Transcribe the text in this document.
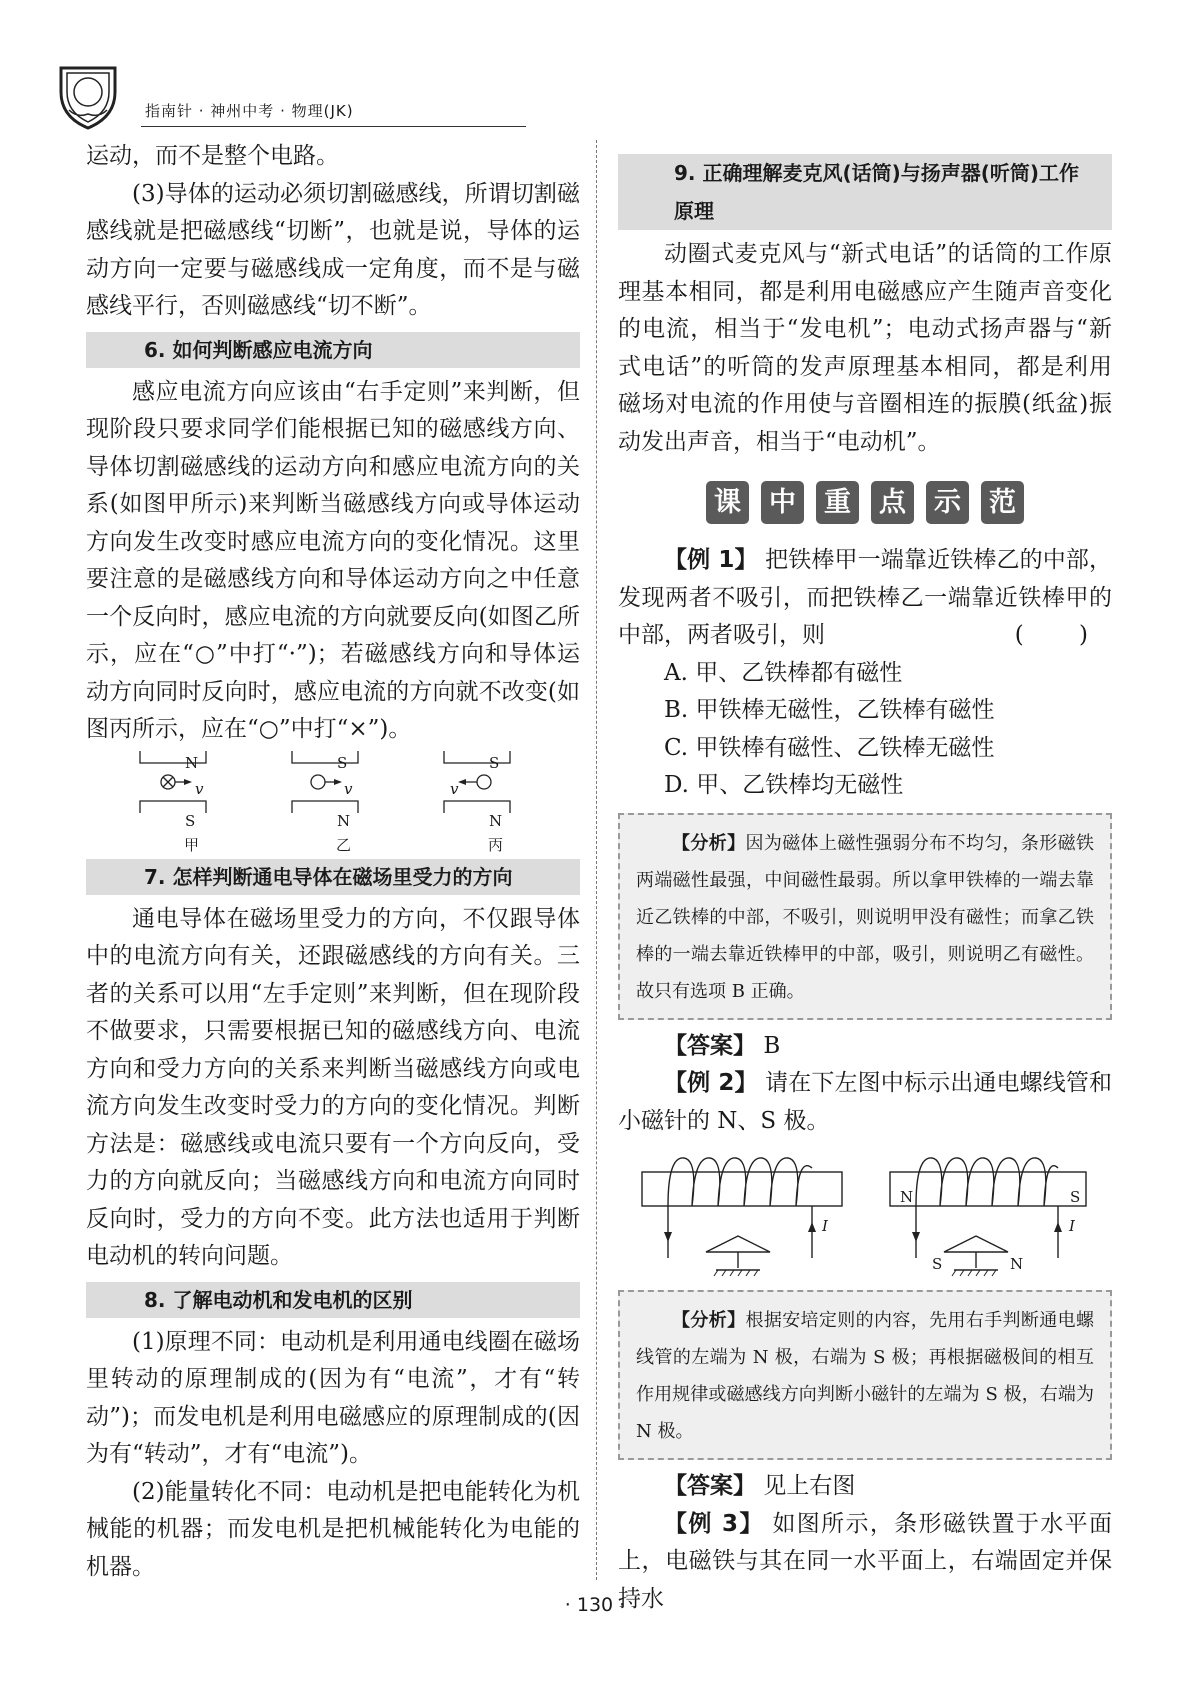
指南针 · 神州中考 · 物理(JK)

运动，而不是整个电路。

(3)导体的运动必须切割磁感线，所谓切割磁感线就是把磁感线“切断”，也就是说，导体的运动方向一定要与磁感线成一定角度，而不是与磁感线平行，否则磁感线“切不断”。

6. 如何判断感应电流方向

感应电流方向应该由“右手定则”来判断，但现阶段只要求同学们能根据已知的磁感线方向、导体切割磁感线的运动方向和感应电流方向的关系(如图甲所示)来判断当磁感线方向或导体运动方向发生改变时感应电流方向的变化情况。这里要注意的是磁感线方向和导体运动方向之中任意一个反向时，感应电流的方向就要反向(如图乙所示，应在“○”中打“·”)；若磁感线方向和导体运动方向同时反向时，感应电流的方向就不改变(如图丙所示，应在“○”中打“×”)。

N
S
v
甲
S
N
v
乙
S
N
v
丙
7. 怎样判断通电导体在磁场里受力的方向

通电导体在磁场里受力的方向，不仅跟导体中的电流方向有关，还跟磁感线的方向有关。三者的关系可以用“左手定则”来判断，但在现阶段不做要求，只需要根据已知的磁感线方向、电流方向和受力方向的关系来判断当磁感线方向或电流方向发生改变时受力的方向的变化情况。判断方法是：磁感线或电流只要有一个方向反向，受力的方向就反向；当磁感线方向和电流方向同时反向时，受力的方向不变。此方法也适用于判断电动机的转向问题。

8. 了解电动机和发电机的区别

(1)原理不同：电动机是利用通电线圈在磁场里转动的原理制成的(因为有“电流”，才有“转动”)；而发电机是利用电磁感应的原理制成的(因为有“转动”，才有“电流”)。

(2)能量转化不同：电动机是把电能转化为机械能的机器；而发电机是把机械能转化为电能的机器。

9. 正确理解麦克风(话筒)与扬声器(听筒)工作原理

动圈式麦克风与“新式电话”的话筒的工作原理基本相同，都是利用电磁感应产生随声音变化的电流，相当于“发电机”；电动式扬声器与“新式电话”的听筒的发声原理基本相同，都是利用磁场对电流的作用使与音圈相连的振膜(纸盆)振动发出声音，相当于“电动机”。

课 中 重 点 示 范

【例 1】 把铁棒甲一端靠近铁棒乙的中部，发现两者不吸引，而把铁棒乙一端靠近铁棒甲的中部，两者吸引，则	( )

A. 甲、乙铁棒都有磁性
B. 甲铁棒无磁性，乙铁棒有磁性
C. 甲铁棒有磁性、乙铁棒无磁性
D. 甲、乙铁棒均无磁性

【分析】因为磁体上磁性强弱分布不均匀，条形磁铁两端磁性最强，中间磁性最弱。所以拿甲铁棒的一端去靠近乙铁棒的中部，不吸引，则说明甲没有磁性；而拿乙铁棒的一端去靠近铁棒甲的中部，吸引，则说明乙有磁性。故只有选项 B 正确。

【答案】 B

【例 2】 请在下左图中标示出通电螺线管和小磁针的 N、S 极。

I	I
N	S
S	N

【分析】根据安培定则的内容，先用右手判断通电螺线管的左端为 N 极，右端为 S 极；再根据磁极间的相互作用规律或磁感线方向判断小磁针的左端为 S 极，右端为 N 极。

【答案】 见上右图

【例 3】 如图所示，条形磁铁置于水平面上，电磁铁与其在同一水平面上，右端固定并保持水

· 130 ·
